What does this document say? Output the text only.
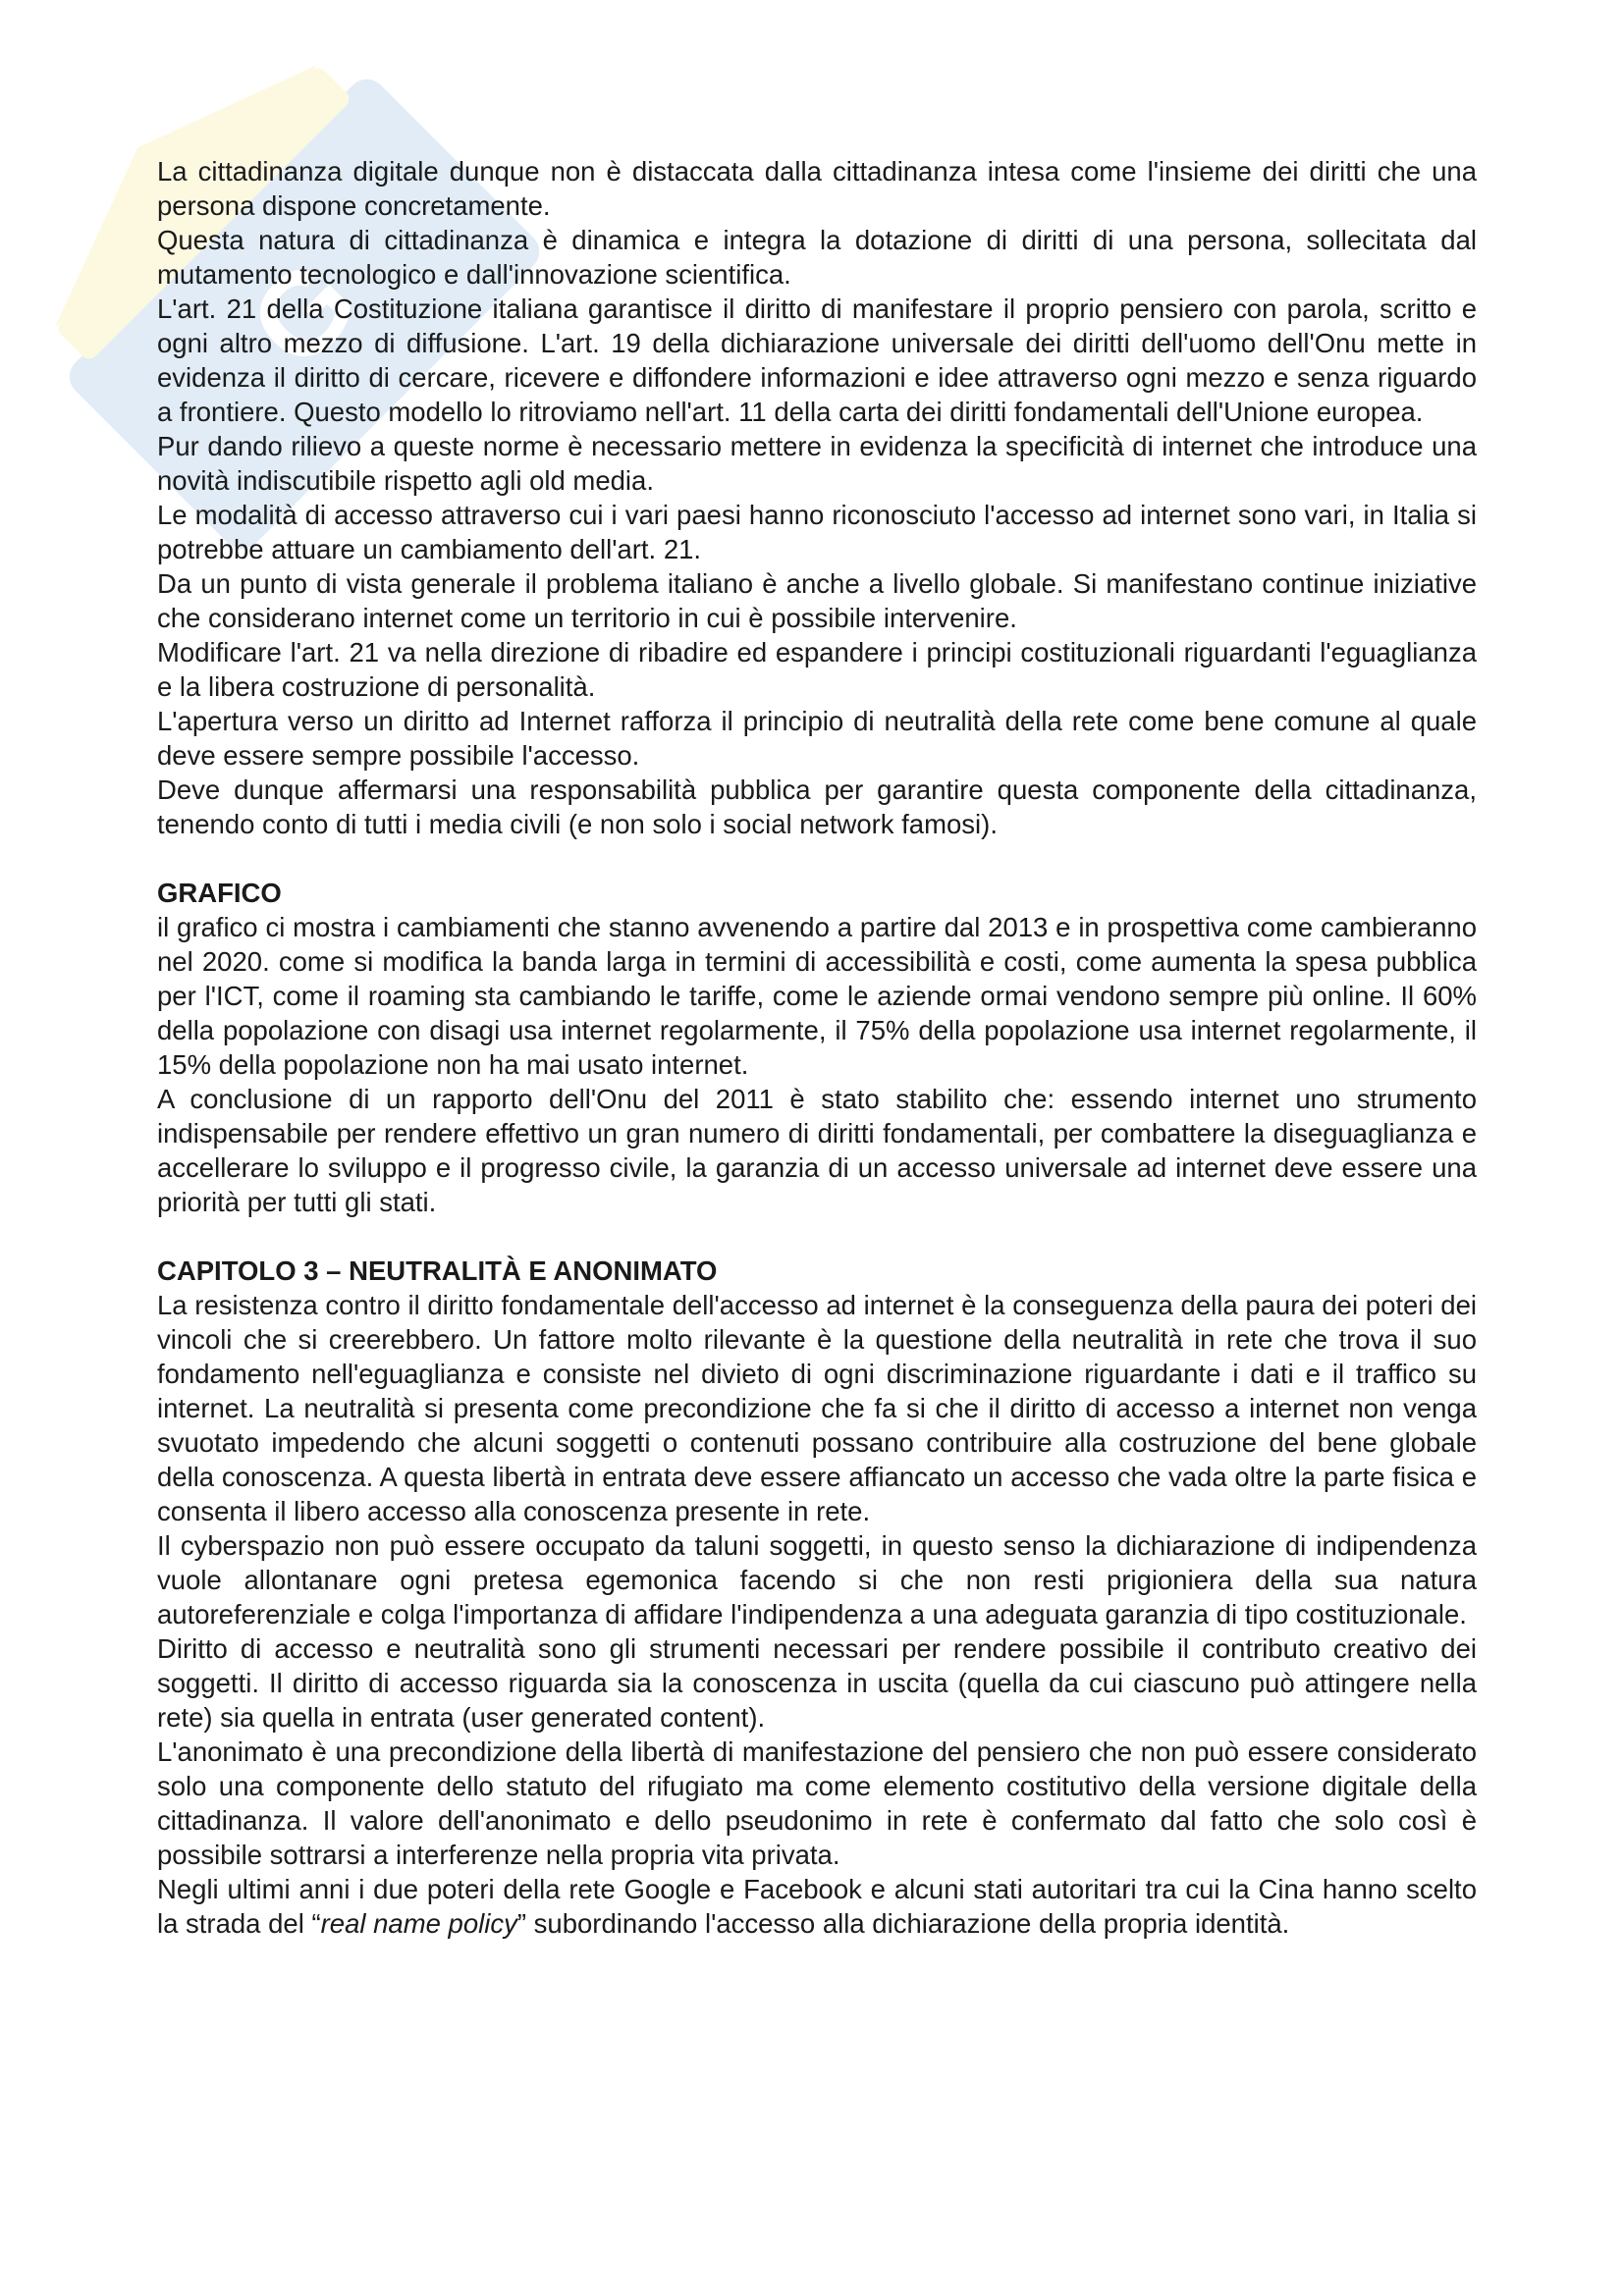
G

La cittadinanza digitale dunque non è distaccata dalla cittadinanza intesa come l'insieme dei diritti che una persona dispone concretamente.

Questa natura di cittadinanza è dinamica e integra la dotazione di diritti di una persona, sollecitata dal mutamento tecnologico e dall'innovazione scientifica.

L'art. 21 della Costituzione italiana garantisce il diritto di manifestare il proprio pensiero con parola, scritto e ogni altro mezzo di diffusione. L'art. 19 della dichiarazione universale dei diritti dell'uomo dell'Onu mette in evidenza il diritto di cercare, ricevere e diffondere informazioni e idee attraverso ogni mezzo e senza riguardo a frontiere. Questo modello lo ritroviamo nell'art. 11 della carta dei diritti fondamentali dell'Unione europea.

Pur dando rilievo a queste norme è necessario mettere in evidenza la specificità di internet che introduce una novità indiscutibile rispetto agli old media.

Le modalità di accesso attraverso cui i vari paesi hanno riconosciuto l'accesso ad internet sono vari, in Italia si potrebbe attuare un cambiamento dell'art. 21.

Da un punto di vista generale il problema italiano è anche a livello globale. Si manifestano continue iniziative che considerano internet come un territorio in cui è possibile intervenire.

Modificare l'art. 21 va nella direzione di ribadire ed espandere i principi costituzionali riguardanti l'eguaglianza e la libera costruzione di personalità.

L'apertura verso un diritto ad Internet rafforza il principio di neutralità della rete come bene comune al quale deve essere sempre possibile l'accesso.

Deve dunque affermarsi una responsabilità pubblica per garantire questa componente della cittadinanza, tenendo conto di tutti i media civili (e non solo i social network famosi).

GRAFICO

il grafico ci mostra i cambiamenti che stanno avvenendo a partire dal 2013 e in prospettiva come cambieranno nel 2020. come si modifica la banda larga in termini di accessibilità e costi, come aumenta la spesa pubblica per l'ICT, come il roaming sta cambiando le tariffe, come le aziende ormai vendono sempre più online. Il 60% della popolazione con disagi usa internet regolarmente, il 75% della popolazione usa internet regolarmente, il 15% della popolazione non ha mai usato internet.

A conclusione di un rapporto dell'Onu del 2011 è stato stabilito che: essendo internet uno strumento indispensabile per rendere effettivo un gran numero di diritti fondamentali, per combattere la diseguaglianza e accellerare lo sviluppo e il progresso civile, la garanzia di un accesso universale ad internet deve essere una priorità per tutti gli stati.

CAPITOLO 3 – NEUTRALITÀ E ANONIMATO

La resistenza contro il diritto fondamentale dell'accesso ad internet è la conseguenza della paura dei poteri dei vincoli che si creerebbero. Un fattore molto rilevante è la questione della neutralità in rete che trova il suo fondamento nell'eguaglianza e consiste nel divieto di ogni discriminazione riguardante i dati e il traffico su internet. La neutralità si presenta come precondizione che fa si che il diritto di accesso a internet non venga svuotato impedendo che alcuni soggetti o contenuti possano contribuire alla costruzione del bene globale della conoscenza. A questa libertà in entrata deve essere affiancato un accesso che vada oltre la parte fisica e consenta il libero accesso alla conoscenza presente in rete.

Il cyberspazio non può essere occupato da taluni soggetti, in questo senso la dichiarazione di indipendenza vuole allontanare ogni pretesa egemonica facendo si che non resti prigioniera della sua natura autoreferenziale e colga l'importanza di affidare l'indipendenza a una adeguata garanzia di tipo costituzionale.

Diritto di accesso e neutralità sono gli strumenti necessari per rendere possibile il contributo creativo dei soggetti. Il diritto di accesso riguarda sia la conoscenza in uscita (quella da cui ciascuno può attingere nella rete) sia quella in entrata (user generated content).

L'anonimato è una precondizione della libertà di manifestazione del pensiero che non può essere considerato solo una componente dello statuto del rifugiato ma come elemento costitutivo della versione digitale della cittadinanza. Il valore dell'anonimato e dello pseudonimo in rete è confermato dal fatto che solo così è possibile sottrarsi a interferenze nella propria vita privata.

Negli ultimi anni i due poteri della rete Google e Facebook e alcuni stati autoritari tra cui la Cina hanno scelto la strada del “real name policy” subordinando l'accesso alla dichiarazione della propria identità.
